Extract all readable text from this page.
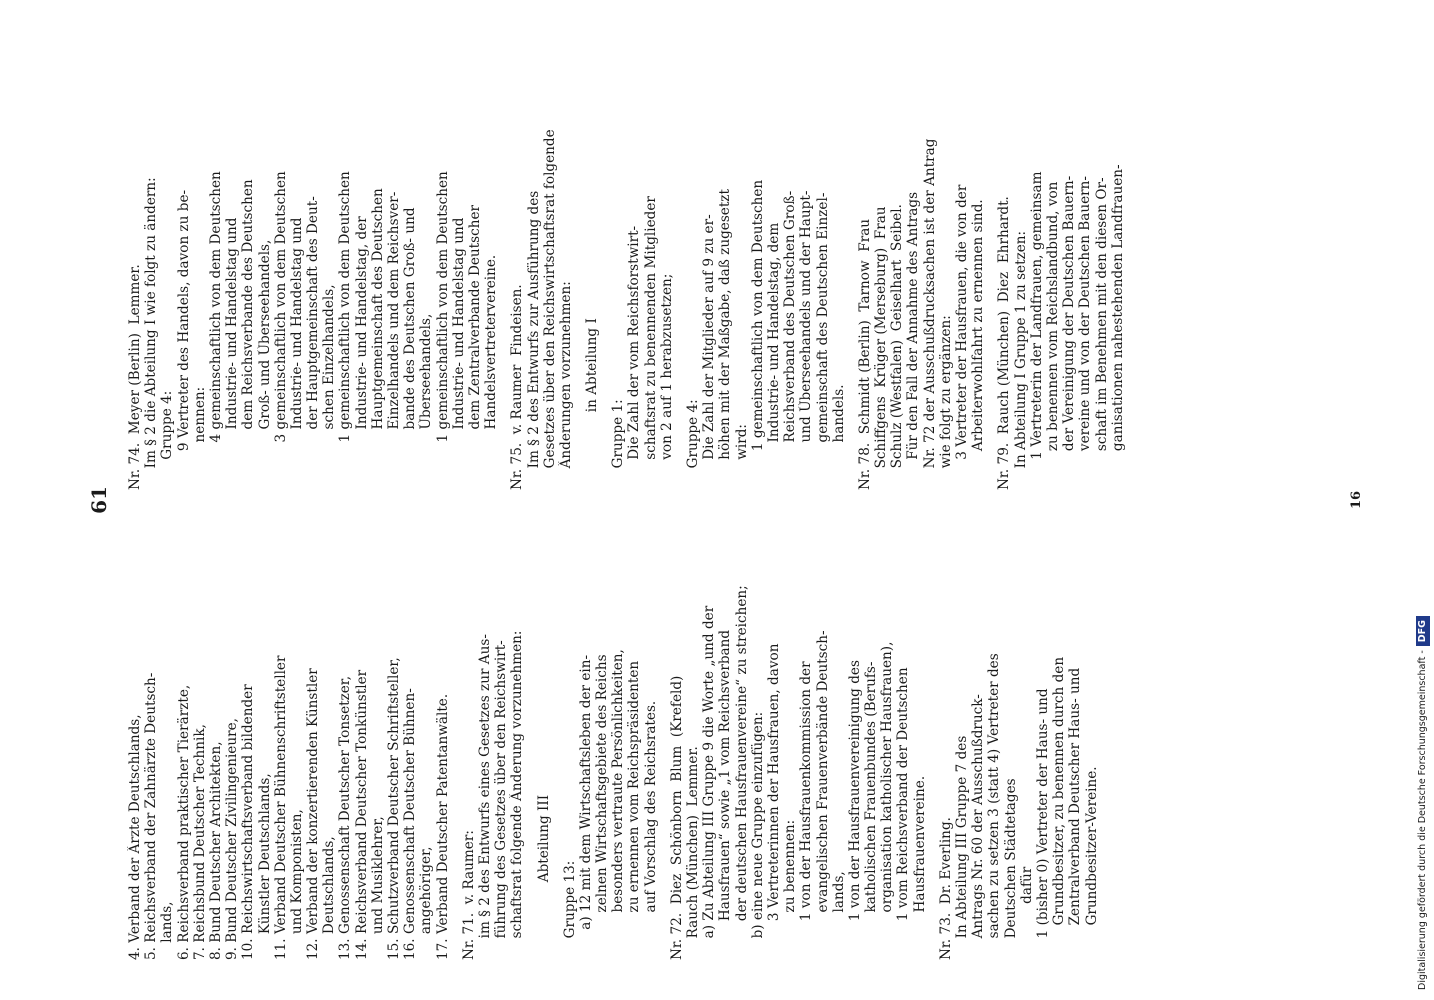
61
4. Verband der Ärzte Deutschlands, 5. Reichsverband der Zahnärzte Deutsch- lands, 6. Reichsverband praktischer Tierärzte, 7. Reichsbund Deutscher Technik, 8. Bund Deutscher Architekten, 9. Bund Deutscher Zivilingenieure, 10. Reichswirtschaftsverband bildender Künstler Deutschlands, 11. Verband Deutscher Bühnenschriftsteller und Komponisten, 12. Verband der konzertierenden Künstler Deutschlands, 13. Genossenschaft Deutscher Tonsetzer, 14. Reichsverband Deutscher Tonkünstler und Musiklehrer, 15. Schutzverband Deutscher Schriftsteller, 16. Genossenschaft Deutscher Bühnen- angehöriger, 17. Verband Deutscher Patentanwälte. Nr. 71.  v. Raumer: im § 2 des Entwurfs eines Gesetzes zur Aus- führung des Gesetzes über den Reichswirt- schaftsrat folgende Änderung vorzunehmen: Abteilung III Gruppe 13: a) 12 mit dem Wirtschaftsleben der ein- zelnen Wirtschaftsgebiete des Reichs besonders vertraute Persönlichkeiten, zu ernennen vom Reichspräsidenten auf Vorschlag des Reichsrates. Nr. 72.  Diez  Schönborn  Blum  (Krefeld) Rauch (München)  Lemmer. a) Zu Abteilung III Gruppe 9 die Worte „und der Hausfrauen“ sowie „1 vom Reichsverband der deutschen Hausfrauenvereine“ zu streichen; b) eine neue Gruppe einzufügen: 3 Vertreterinnen der Hausfrauen, davon zu benennen: 1 von der Hausfrauenkommission der evangelischen Frauenverbände Deutsch- lands, 1 von der Hausfrauenvereinigung des katholischen Frauenbundes (Berufs- organisation katholischer Hausfrauen), 1 vom Reichsverband der Deutschen Hausfrauenvereine. Nr. 73.  Dr. Everling. In Abteilung III Gruppe 7 des Antrags Nr. 60 der Ausschußdruck- sachen zu setzen 3 (statt 4) Vertreter des Deutschen Städtetages dafür 1 (bisher 0) Vertreter der Haus- und Grundbesitzer, zu benennen durch den Zentralverband Deutscher Haus- und Grundbesitzer-Vereine.
Nr. 74.  Meyer (Berlin)  Lemmer. Im § 2 die Abteilung I wie folgt zu ändern: Gruppe 4: 9 Vertreter des Handels, davon zu be- nennen: 4 gemeinschaftlich von dem Deutschen Industrie- und Handelstag und dem Reichsverbande des Deutschen Groß- und Überseehandels, 3 gemeinschaftlich von dem Deutschen Industrie- und Handelstag und der Hauptgemeinschaft des Deut- schen Einzelhandels, 1 gemeinschaftlich von dem Deutschen Industrie- und Handelstag, der Hauptgemeinschaft des Deutschen Einzelhandels und dem Reichsver- bande des Deutschen Groß- und Überseehandels, 1 gemeinschaftlich von dem Deutschen Industrie- und Handelstag und dem Zentralverbande Deutscher Handelsvertretervereine. Nr. 75.  v. Raumer  Findeisen. Im § 2 des Entwurfs zur Ausführung des Gesetzes über den Reichswirtschaftsrat folgende Änderungen vorzunehmen: in Abteilung I Gruppe 1: Die Zahl der vom Reichsforstwirt- schaftsrat zu benennenden Mitglieder von 2 auf 1 herabzusetzen; Gruppe 4: Die Zahl der Mitglieder auf 9 zu er- höhen mit der Maßgabe, daß zugesetzt wird: 1 gemeinschaftlich von dem Deutschen Industrie- und Handelstag, dem Reichsverband des Deutschen Groß- und Überseehandels und der Haupt- gemeinschaft des Deutschen Einzel- handels. Nr. 78.  Schmidt (Berlin)  Tarnow  Frau Schiffgens  Krüger (Merseburg)  Frau Schulz (Westfalen)  Geiselhart  Seibel. Für den Fall der Annahme des Antrags Nr. 72 der Ausschußdrucksachen ist der Antrag wie folgt zu ergänzen: 3 Vertreter der Hausfrauen, die von der Arbeiterwohlfahrt zu ernennen sind. Nr. 79.  Rauch (München)  Diez  Ehrhardt. In Abteilung I Gruppe 1 zu setzen: 1 Vertreterin der Landfrauen, gemeinsam zu benennen vom Reichslandbund, von der Vereinigung der Deutschen Bauern- vereine und von der Deutschen Bauern- schaft im Benehmen mit den diesen Or- ganisationen nahestehenden Landfrauen-
16
Digitalisierung gefördert durch die Deutsche Forschungsgemeinschaft -DFG
